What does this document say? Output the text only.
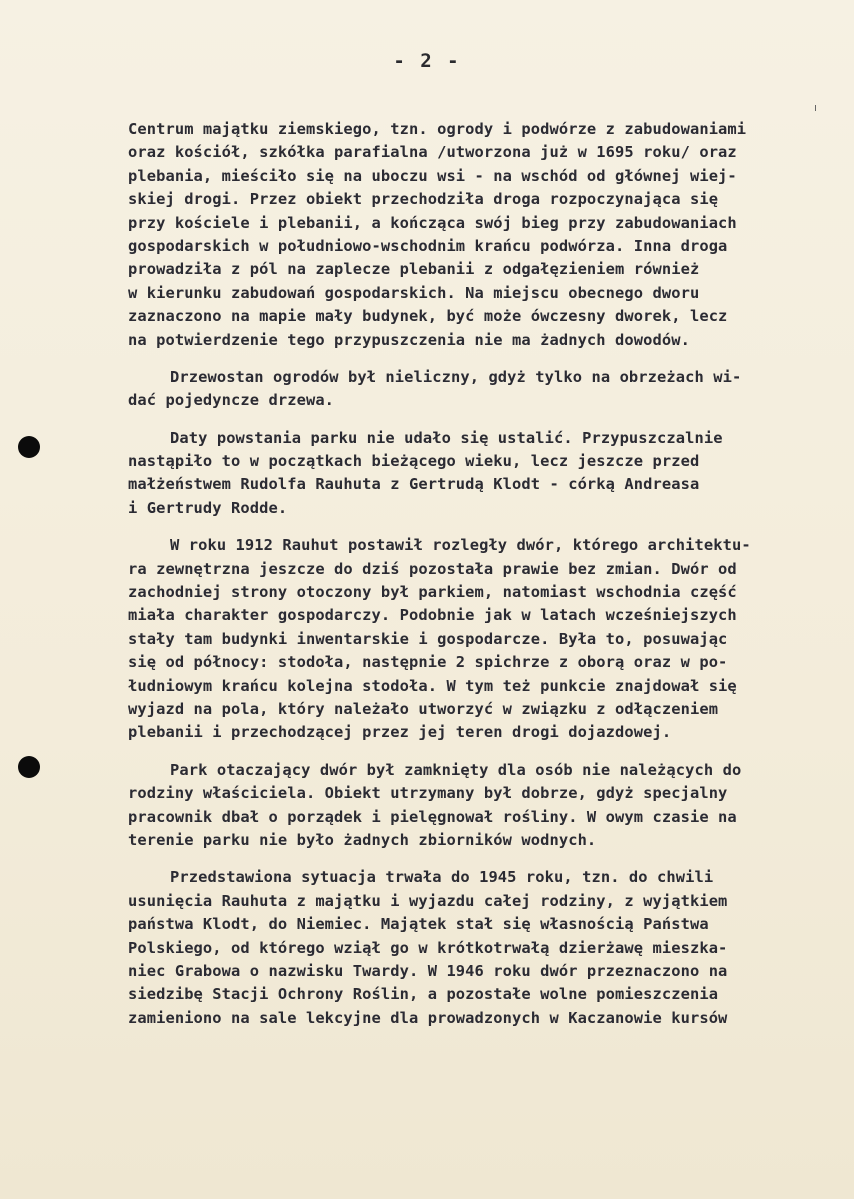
- 2 -
Centrum majątku ziemskiego, tzn. ogrody i podwórze z zabudowaniami
oraz kościół, szkółka parafialna /utworzona już w 1695 roku/ oraz
plebania, mieściło się na uboczu wsi - na wschód od głównej wiej-
skiej drogi. Przez obiekt przechodziła droga rozpoczynająca się
przy kościele i plebanii, a kończąca swój bieg przy zabudowaniach
gospodarskich w południowo-wschodnim krańcu podwórza. Inna droga
prowadziła z pól na zaplecze plebanii z odgałęzieniem również
w kierunku zabudowań gospodarskich. Na miejscu obecnego dworu
zaznaczono na mapie mały budynek, być może ówczesny dworek, lecz
na potwierdzenie tego przypuszczenia nie ma żadnych dowodów.
Drzewostan ogrodów był nieliczny, gdyż tylko na obrzeżach wi-
dać pojedyncze drzewa.
Daty powstania parku nie udało się ustalić. Przypuszczalnie
nastąpiło to w początkach bieżącego wieku, lecz jeszcze przed
małżeństwem Rudolfa Rauhuta z Gertrudą Klodt - córką Andreasa
i Gertrudy Rodde.
W roku 1912 Rauhut postawił rozległy dwór, którego architektu-
ra zewnętrzna jeszcze do dziś pozostała prawie bez zmian. Dwór od
zachodniej strony otoczony był parkiem, natomiast wschodnia część
miała charakter gospodarczy. Podobnie jak w latach wcześniejszych
stały tam budynki inwentarskie i gospodarcze. Była to, posuwając
się od północy: stodoła, następnie 2 spichrze z oborą oraz w po-
łudniowym krańcu kolejna stodoła. W tym też punkcie znajdował się
wyjazd na pola, który należało utworzyć w związku z odłączeniem
plebanii i przechodzącej przez jej teren drogi dojazdowej.
Park otaczający dwór był zamknięty dla osób nie należących do
rodziny właściciela. Obiekt utrzymany był dobrze, gdyż specjalny
pracownik dbał o porządek i pielęgnował rośliny. W owym czasie na
terenie parku nie było żadnych zbiorników wodnych.
Przedstawiona sytuacja trwała do 1945 roku, tzn. do chwili
usunięcia Rauhuta z majątku i wyjazdu całej rodziny, z wyjątkiem
państwa Klodt, do Niemiec. Majątek stał się własnością Państwa
Polskiego, od którego wziął go w krótkotrwałą dzierżawę mieszka-
niec Grabowa o nazwisku Twardy. W 1946 roku dwór przeznaczono na
siedzibę Stacji Ochrony Roślin, a pozostałe wolne pomieszczenia
zamieniono na sale lekcyjne dla prowadzonych w Kaczanowie kursów
